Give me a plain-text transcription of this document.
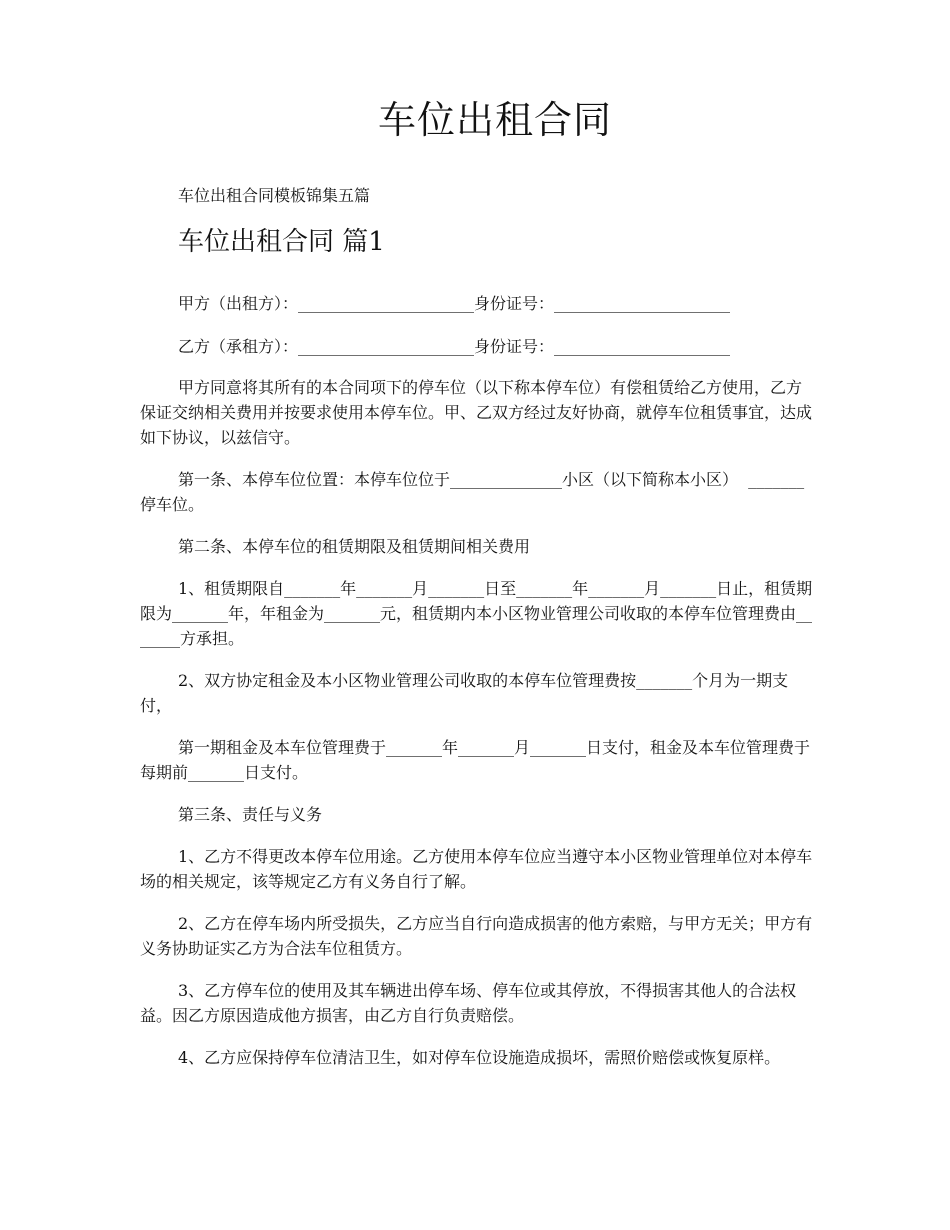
车位出租合同
车位出租合同模板锦集五篇
车位出租合同 篇1
甲方（出租方）：______________________身份证号：______________________
乙方（承租方）：______________________身份证号：______________________

甲方同意将其所有的本合同项下的停车位（以下称本停车位）有偿租赁给乙方使用，乙方保证交纳相关费用并按要求使用本停车位。甲、乙双方经过友好协商，就停车位租赁事宜，达成如下协议，以兹信守。

第一条、本停车位位置：本停车位位于______________小区（以下简称本小区）  _______停车位。

第二条、本停车位的租赁期限及租赁期间相关费用

1、租赁期限自_______年_______月_______日至_______年_______月_______日止，租赁期限为_______年，年租金为_______元，租赁期内本小区物业管理公司收取的本停车位管理费由_______方承担。

2、双方协定租金及本小区物业管理公司收取的本停车位管理费按_______个月为一期支付，

第一期租金及本车位管理费于_______年_______月_______日支付，租金及本车位管理费于每期前_______日支付。

第三条、责任与义务

1、乙方不得更改本停车位用途。乙方使用本停车位应当遵守本小区物业管理单位对本停车场的相关规定，该等规定乙方有义务自行了解。

2、乙方在停车场内所受损失，乙方应当自行向造成损害的他方索赔，与甲方无关；甲方有义务协助证实乙方为合法车位租赁方。

3、乙方停车位的使用及其车辆进出停车场、停车位或其停放，不得损害其他人的合法权益。因乙方原因造成他方损害，由乙方自行负责赔偿。

4、乙方应保持停车位清洁卫生，如对停车位设施造成损坏，需照价赔偿或恢复原样。
